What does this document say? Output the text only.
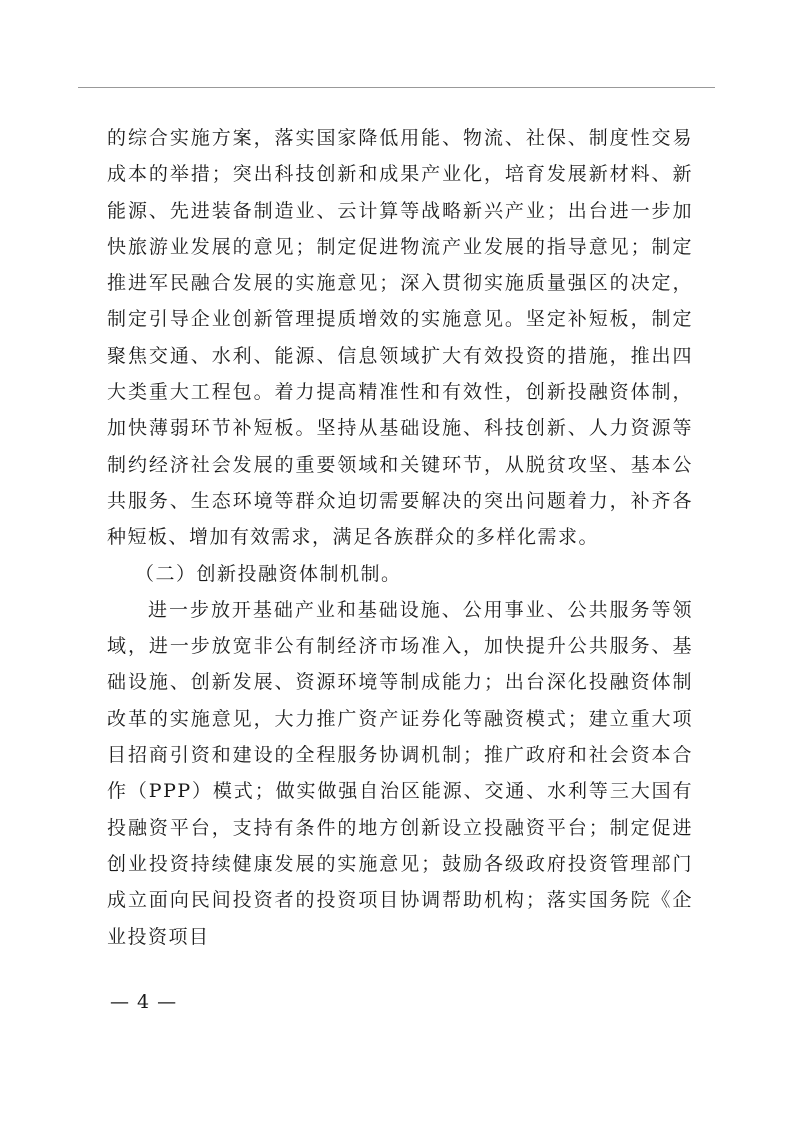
的综合实施方案，落实国家降低用能、物流、社保、制度性交易成本的举措；突出科技创新和成果产业化，培育发展新材料、新能源、先进装备制造业、云计算等战略新兴产业；出台进一步加快旅游业发展的意见；制定促进物流产业发展的指导意见；制定推进军民融合发展的实施意见；深入贯彻实施质量强区的决定，制定引导企业创新管理提质增效的实施意见。坚定补短板，制定聚焦交通、水利、能源、信息领域扩大有效投资的措施，推出四大类重大工程包。着力提高精准性和有效性，创新投融资体制，加快薄弱环节补短板。坚持从基础设施、科技创新、人力资源等制约经济社会发展的重要领域和关键环节，从脱贫攻坚、基本公共服务、生态环境等群众迫切需要解决的突出问题着力，补齐各种短板、增加有效需求，满足各族群众的多样化需求。

（二）创新投融资体制机制。

进一步放开基础产业和基础设施、公用事业、公共服务等领域，进一步放宽非公有制经济市场准入，加快提升公共服务、基础设施、创新发展、资源环境等制成能力；出台深化投融资体制改革的实施意见，大力推广资产证券化等融资模式；建立重大项目招商引资和建设的全程服务协调机制；推广政府和社会资本合作（PPP）模式；做实做强自治区能源、交通、水利等三大国有投融资平台，支持有条件的地方创新设立投融资平台；制定促进创业投资持续健康发展的实施意见；鼓励各级政府投资管理部门成立面向民间投资者的投资项目协调帮助机构；落实国务院《企业投资项目

— 4 —
